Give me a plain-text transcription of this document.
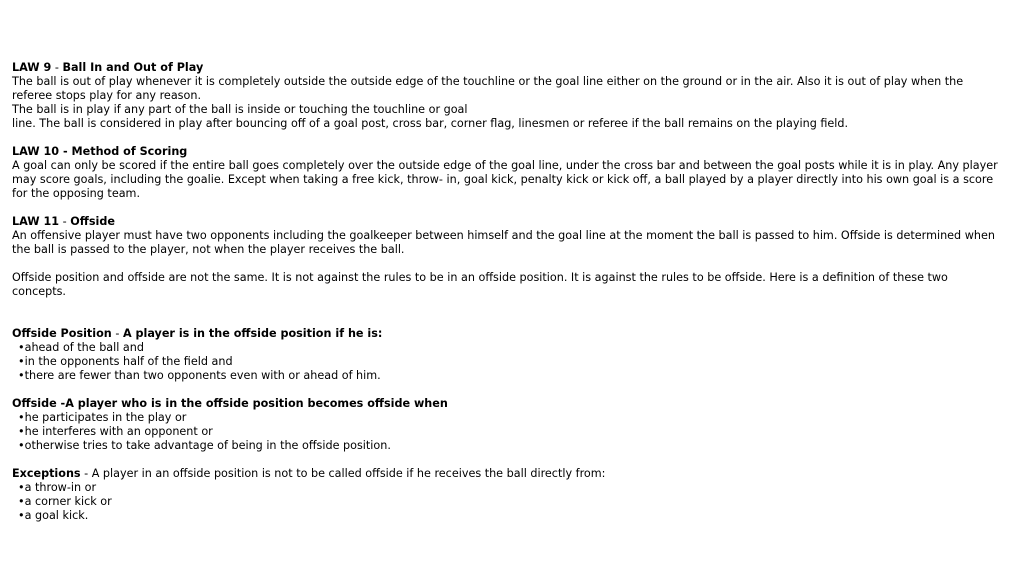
LAW 9 - Ball In and Out of Play

The ball is out of play whenever it is completely outside the outside edge of the touchline or the goal line either on the ground or in the air. Also it is out of play when the referee stops play for any reason.

The ball is in play if any part of the ball is inside or touching the touchline or goal

line. The ball is considered in play after bouncing off of a goal post, cross bar, corner flag, linesmen or referee if the ball remains on the playing field.

LAW 10 - Method of Scoring

A goal can only be scored if the entire ball goes completely over the outside edge of the goal line, under the cross bar and between the goal posts while it is in play. Any player may score goals, including the goalie. Except when taking a free kick, throw- in, goal kick, penalty kick or kick off, a ball played by a player directly into his own goal is a score for the opposing team.

LAW 11 - Offside

An offensive player must have two opponents including the goalkeeper between himself and the goal line at the moment the ball is passed to him. Offside is determined when the ball is passed to the player, not when the player receives the ball.

Offside position and offside are not the same. It is not against the rules to be in an offside position. It is against the rules to be offside. Here is a definition of these two concepts.

Offside Position - A player is in the offside position if he is:

•ahead of the ball and
•in the opponents half of the field and
•there are fewer than two opponents even with or ahead of him.

Offside -A player who is in the offside position becomes offside when

•he participates in the play or
•he interferes with an opponent or
•otherwise tries to take advantage of being in the offside position.

Exceptions - A player in an offside position is not to be called offside if he receives the ball directly from:

•a throw-in or
•a corner kick or
•a goal kick.
